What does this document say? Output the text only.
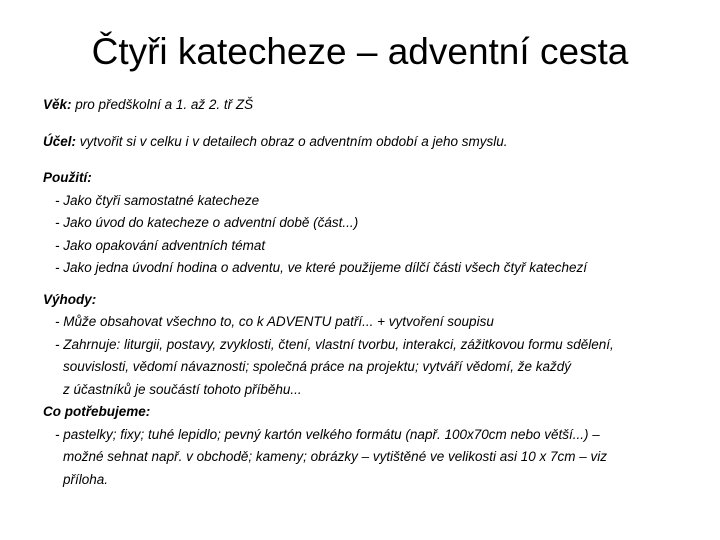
Čtyři katecheze – adventní cesta
Věk: pro předškolní a 1. až 2. tř ZŠ
Účel: vytvořit si v celku i v detailech obraz o adventním období a jeho smyslu.
Použití:
- Jako čtyři samostatné katecheze
- Jako úvod do katecheze o adventní době (část...)
- Jako opakování adventních témat
- Jako jedna úvodní hodina o adventu, ve které použijeme dílčí části všech čtyř katechezí
Výhody:
- Může obsahovat všechno to, co k ADVENTU patří... + vytvoření soupisu
- Zahrnuje: liturgii, postavy, zvyklosti, čtení, vlastní tvorbu, interakci, zážitkovou formu sdělení,
souvislosti, vědomí návaznosti; společná práce na projektu; vytváří vědomí, že každý
z účastníků je součástí tohoto příběhu...
Co potřebujeme:
- pastelky; fixy; tuhé lepidlo; pevný kartón velkého formátu (např. 100x70cm nebo větší...) –
možné sehnat např. v obchodě; kameny; obrázky – vytištěné ve velikosti asi 10 x 7cm – viz
příloha.
